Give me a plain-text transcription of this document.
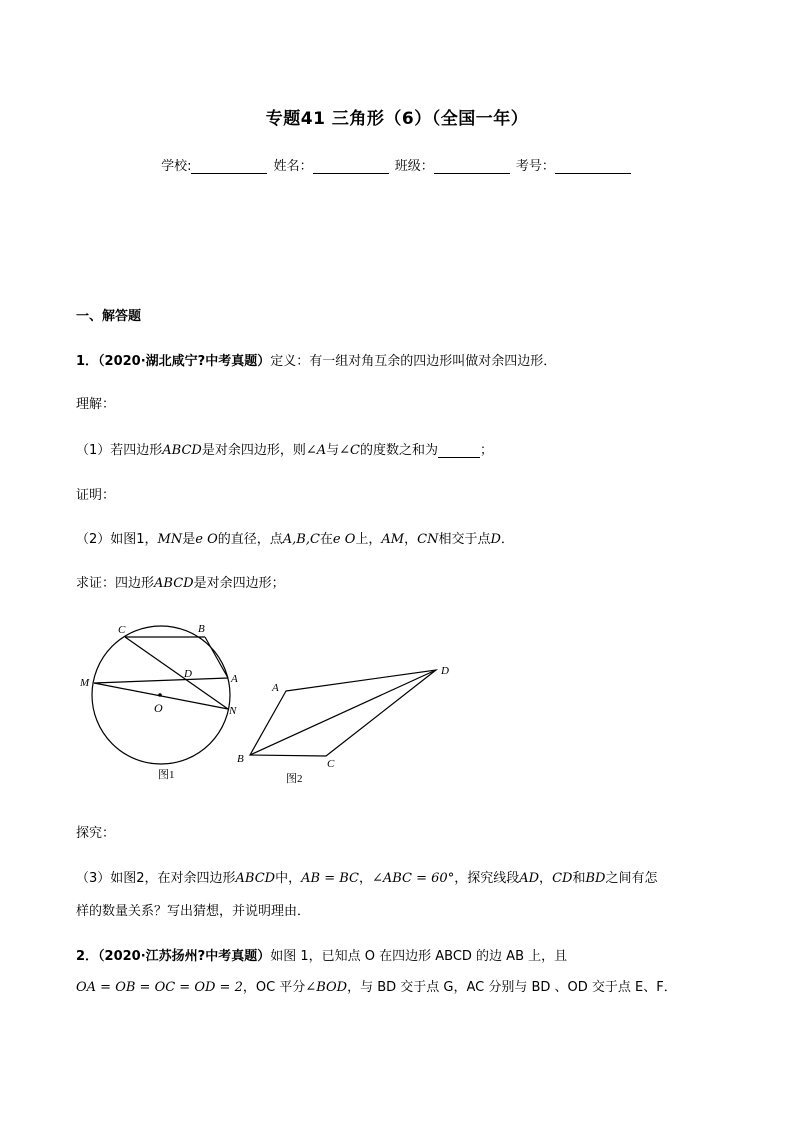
专题41 三角形（6）（全国一年）
学校:	姓名：	班级：	考号：
一、解答题
1．（2020·湖北咸宁?中考真题）定义：有一组对角互余的四边形叫做对余四边形．
理解：
（1）若四边形ABCD是对余四边形，则∠A与∠C的度数之和为	；
证明：
（2）如图1，MN是e O的直径，点A,B,C在e O上，AM，CN相交于点D．
求证：四边形ABCD是对余四边形；
C	B
D
M	A
O	N
图1
A
D
B	C
图2
探究：
（3）如图2，在对余四边形ABCD中，AB = BC，∠ABC = 60°，探究线段AD，CD和BD之间有怎
样的数量关系？写出猜想，并说明理由．
2．（2020·江苏扬州?中考真题）如图 1，已知点 O 在四边形 ABCD 的边 AB 上，且
OA = OB = OC = OD = 2，OC 平分∠BOD，与 BD 交于点 G，AC 分别与 BD 、OD 交于点 E、F．
